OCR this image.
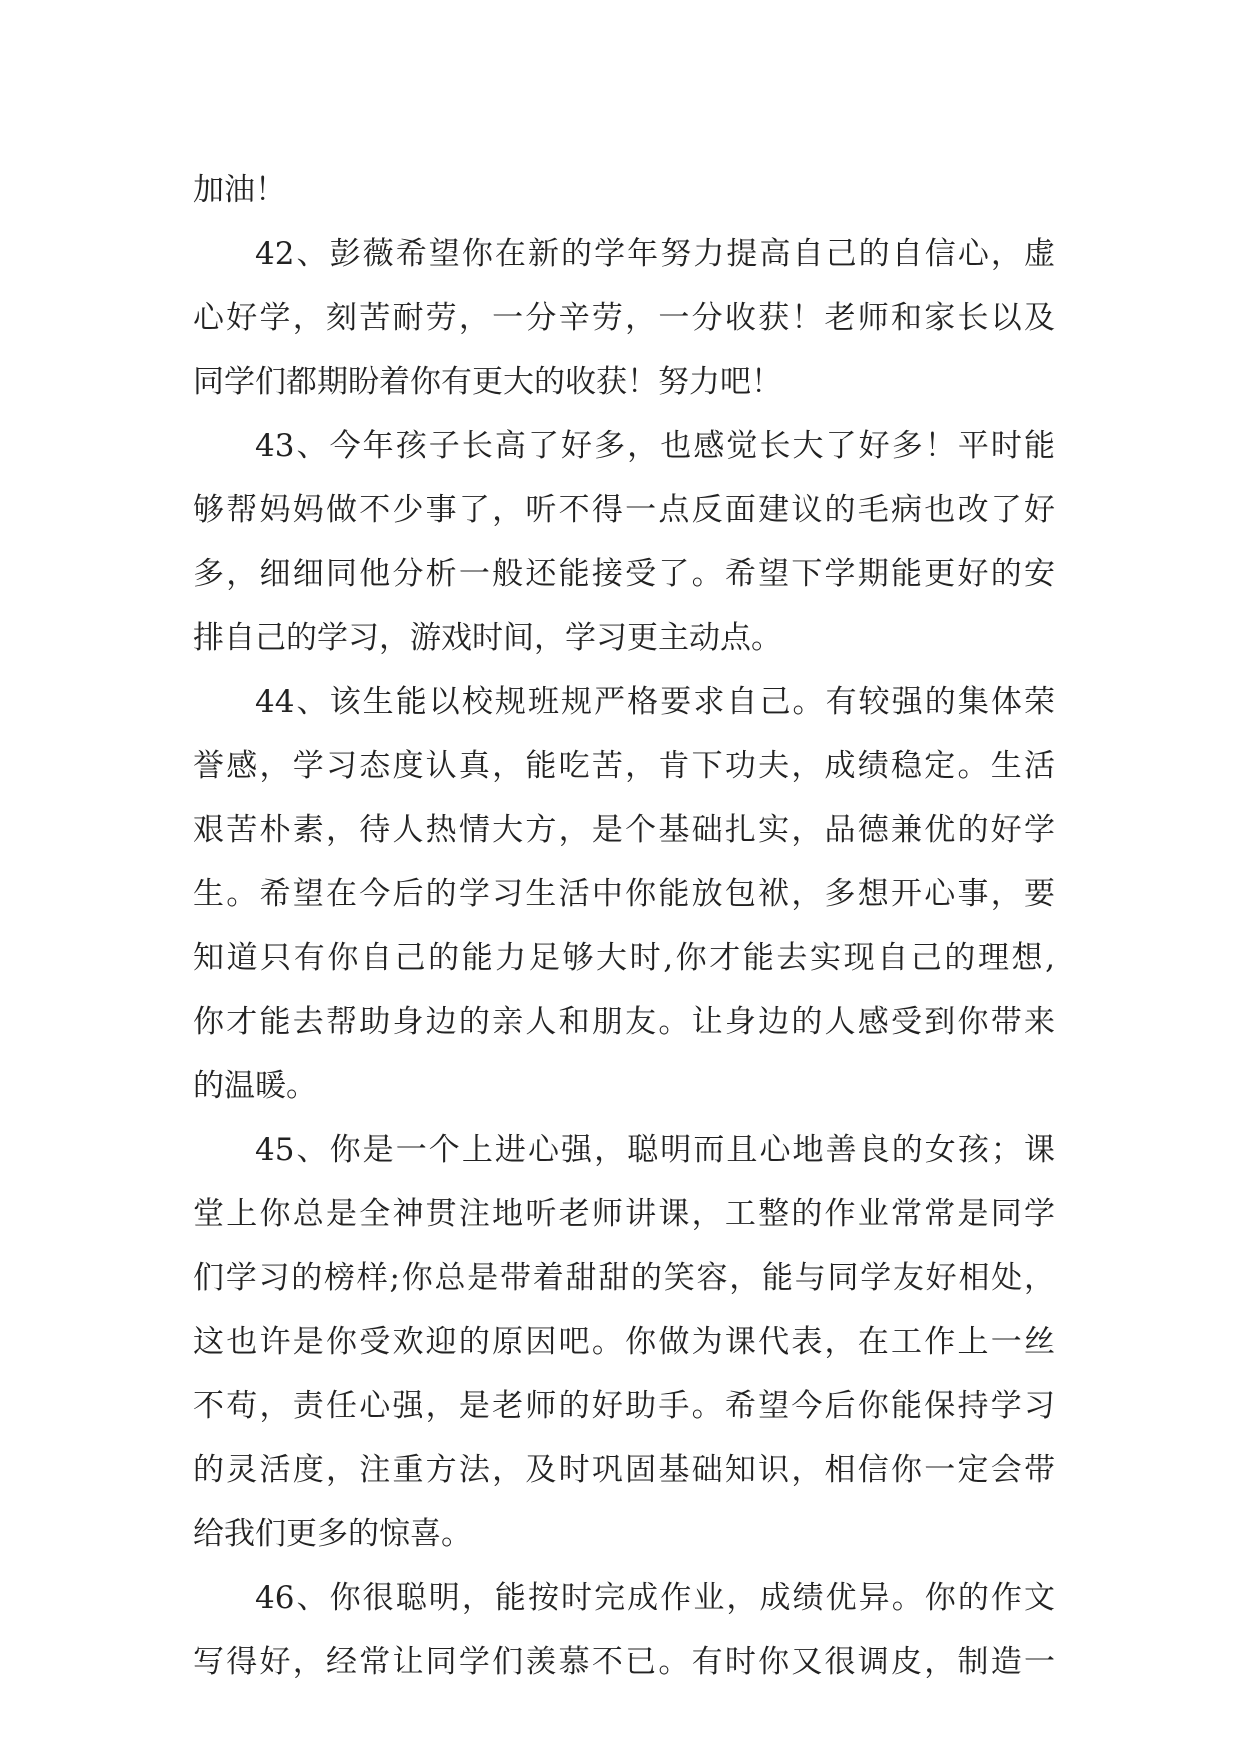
加油！
42、彭薇希望你在新的学年努力提高自己的自信心，虚
心好学，刻苦耐劳，一分辛劳，一分收获！老师和家长以及
同学们都期盼着你有更大的收获！努力吧！
43、今年孩子长高了好多，也感觉长大了好多！平时能
够帮妈妈做不少事了，听不得一点反面建议的毛病也改了好
多，细细同他分析一般还能接受了。希望下学期能更好的安
排自己的学习，游戏时间，学习更主动点。
44、该生能以校规班规严格要求自己。有较强的集体荣
誉感，学习态度认真，能吃苦，肯下功夫，成绩稳定。生活
艰苦朴素，待人热情大方，是个基础扎实，品德兼优的好学
生。希望在今后的学习生活中你能放包袱，多想开心事，要
知道只有你自己的能力足够大时,你才能去实现自己的理想,
你才能去帮助身边的亲人和朋友。让身边的人感受到你带来
的温暖。
45、你是一个上进心强，聪明而且心地善良的女孩；课
堂上你总是全神贯注地听老师讲课，工整的作业常常是同学
们学习的榜样;你总是带着甜甜的笑容，能与同学友好相处，
这也许是你受欢迎的原因吧。你做为课代表，在工作上一丝
不苟，责任心强，是老师的好助手。希望今后你能保持学习
的灵活度，注重方法，及时巩固基础知识，相信你一定会带
给我们更多的惊喜。
46、你很聪明，能按时完成作业，成绩优异。你的作文
写得好，经常让同学们羡慕不已。有时你又很调皮，制造一
